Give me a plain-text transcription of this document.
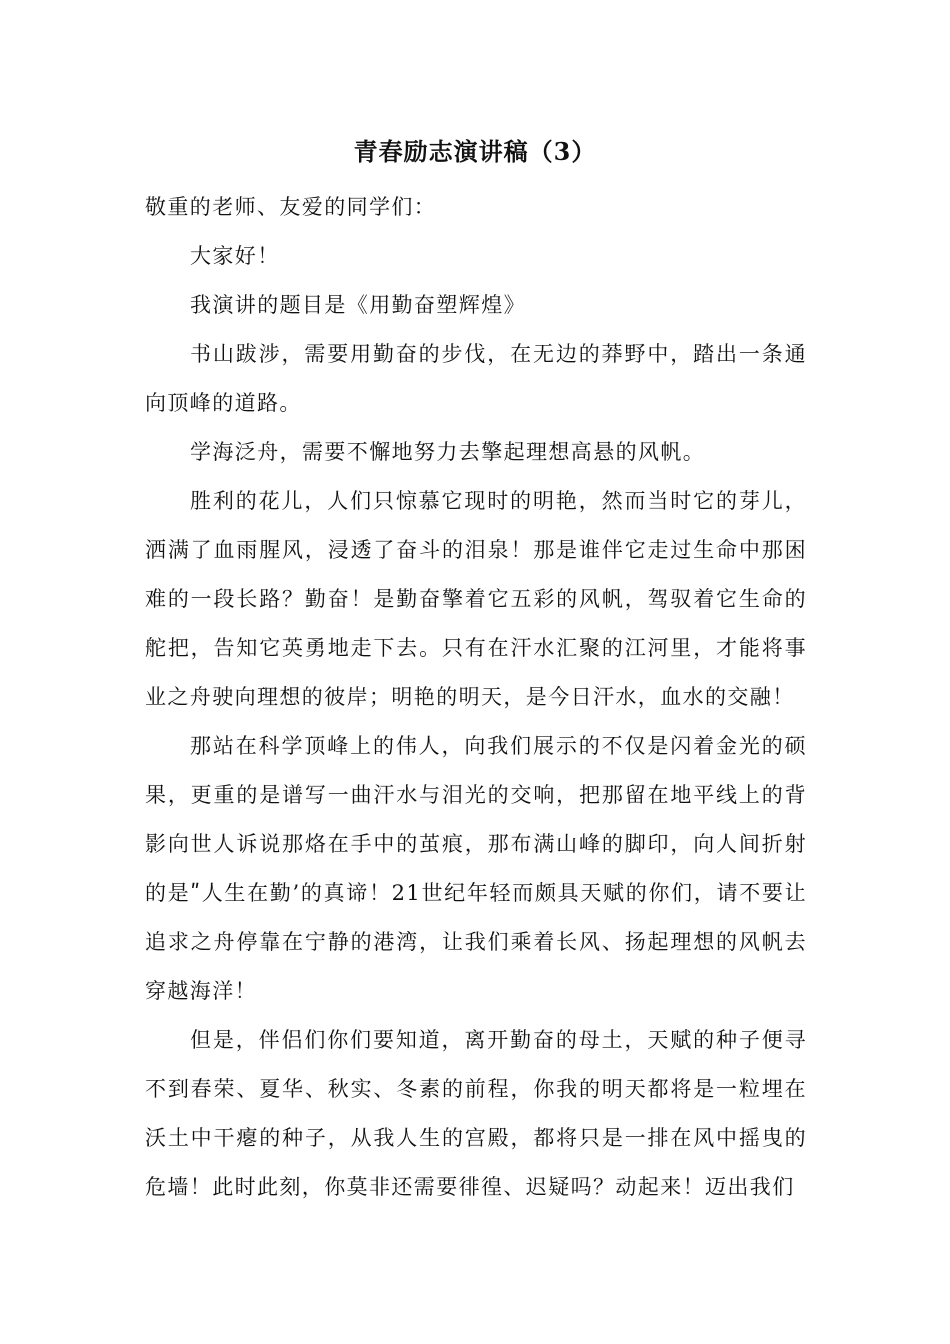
青春励志演讲稿（3）

敬重的老师、友爱的同学们：

大家好！

我演讲的题目是《用勤奋塑辉煌》

书山跋涉，需要用勤奋的步伐，在无边的莽野中，踏出一条通向顶峰的道路。

学海泛舟，需要不懈地努力去擎起理想高悬的风帆。

胜利的花儿，人们只惊慕它现时的明艳，然而当时它的芽儿，洒满了血雨腥风，浸透了奋斗的泪泉！那是谁伴它走过生命中那困难的一段长路？勤奋！是勤奋擎着它五彩的风帆，驾驭着它生命的舵把，告知它英勇地走下去。只有在汗水汇聚的江河里，才能将事业之舟驶向理想的彼岸；明艳的明天，是今日汗水，血水的交融！

那站在科学顶峰上的伟人，向我们展示的不仅是闪着金光的硕果，更重的是谱写一曲汗水与泪光的交响，把那留在地平线上的背影向世人诉说那烙在手中的茧痕，那布满山峰的脚印，向人间折射的是ʺ人生在勤’的真谛！21世纪年轻而颇具天赋的你们，请不要让追求之舟停靠在宁静的港湾，让我们乘着长风、扬起理想的风帆去穿越海洋！

但是，伴侣们你们要知道，离开勤奋的母土，天赋的种子便寻不到春荣、夏华、秋实、冬素的前程，你我的明天都将是一粒埋在沃土中干瘪的种子，从我人生的宫殿，都将只是一排在风中摇曳的危墙！此时此刻，你莫非还需要徘徨、迟疑吗？动起来！迈出我们
